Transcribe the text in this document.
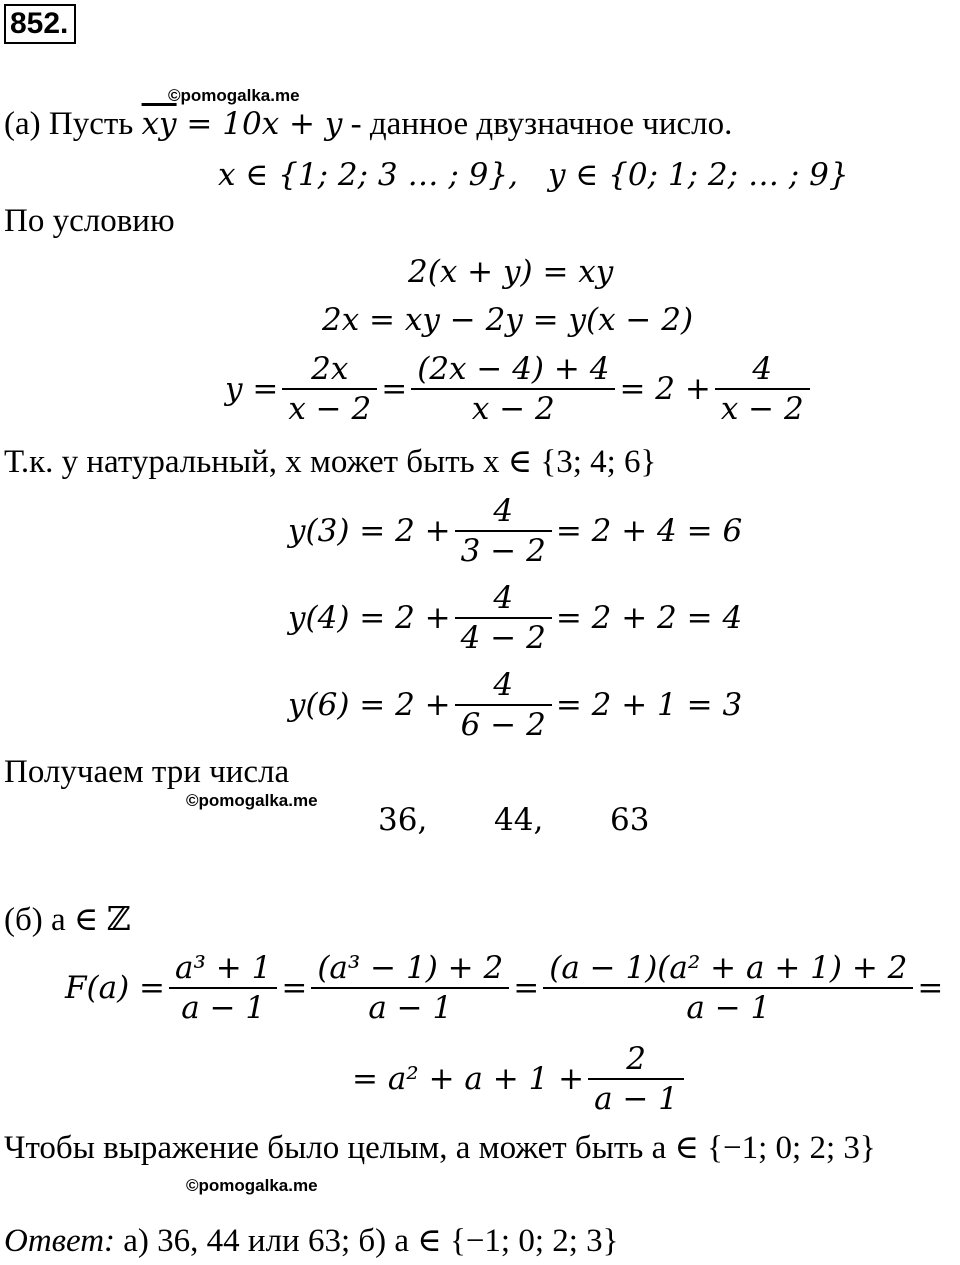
852.
©pomogalka.me
(а) Пусть $\overline{xy} = 10x + y$ - данное двузначное число.
x ∈ {1; 2; 3 … ; 9}, y ∈ {0; 1; 2; … ; 9}
По условию
2(x + y) = xy
2x = xy − 2y = y(x − 2)
$y = \frac{2x}{x - 2} = \frac{(2x - 4) + 4}{x - 2} = 2 + \frac{4}{x - 2}$
Т.к. y натуральный, x может быть x ∈ {3; 4; 6}
$y(3) = 2 + \frac{4}{3 - 2} = 2 + 4 = 6$
$y(4) = 2 + \frac{4}{4 - 2} = 2 + 2 = 4$
$y(6) = 2 + \frac{4}{6 - 2} = 2 + 1 = 3$
Получаем три числа
©pomogalka.me
36, 44, 63
(б) a ∈ ℤ
$F(a) = \frac{\text{a³ + 1}}{a - 1} = \frac{\text{(a³ − 1) + 2}}{a - 1} = \frac{\text{(a − 1)(a² + a + 1) + 2}}{a - 1}$ =
= $a^2 + a + 1 + \frac{2}{a - 1}$
Чтобы выражение было целым, a может быть a ∈ {−1; 0; 2; 3}
©pomogalka.me
Ответ: а) 36, 44 или 63; б) a ∈ {−1; 0; 2; 3}
